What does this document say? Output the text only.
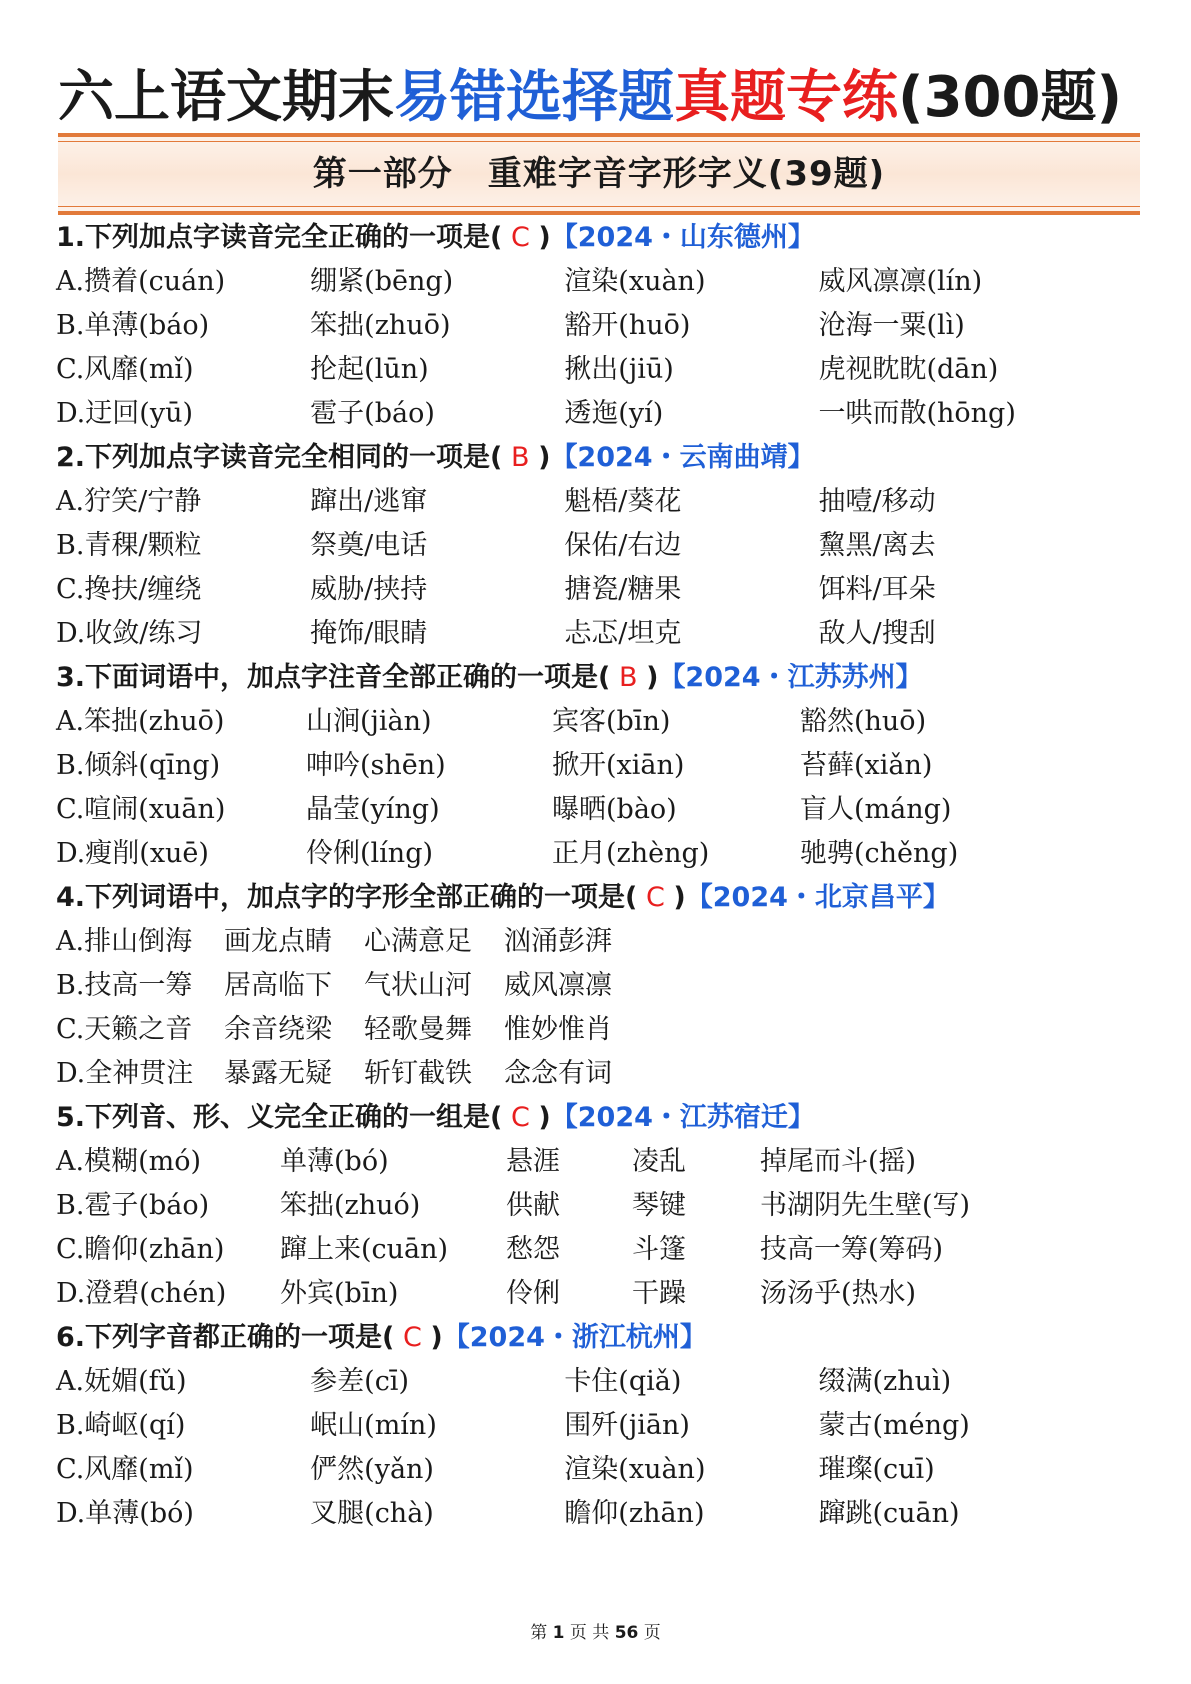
六上语文期末易错选择题真题专练(300题)
第一部分　重难字音字形字义(39题)
1.下列加点字读音完全正确的一项是( C )【2024・山东德州】
A.攒着(cuán)	绷紧(bēng)	渲染(xuàn)	威风凛凛(lín)
B.单薄(báo)	笨拙(zhuō)	豁开(huō)	沧海一粟(lì)
C.风靡(mǐ)	抡起(lūn)	揪出(jiū)	虎视眈眈(dān)
D.迂回(yū)	雹子(báo)	透迤(yí)	一哄而散(hōng)
2.下列加点字读音完全相同的一项是( B )【2024・云南曲靖】
A.狞笑/宁静	蹿出/逃窜	魁梧/葵花	抽噎/移动
B.青稞/颗粒	祭奠/电话	保佑/右边	黧黑/离去
C.搀扶/缠绕	威胁/挟持	搪瓷/糖果	饵料/耳朵
D.收敛/练习	掩饰/眼睛	忐忑/坦克	敌人/搜刮
3.下面词语中，加点字注音全部正确的一项是( B )【2024・江苏苏州】
A.笨拙(zhuō)	山涧(jiàn)	宾客(bīn)	豁然(huō)
B.倾斜(qīng)	呻吟(shēn)	掀开(xiān)	苔藓(xiǎn)
C.喧闹(xuān)	晶莹(yíng)	曝晒(bào)	盲人(máng)
D.瘦削(xuē)	伶俐(líng)	正月(zhèng)	驰骋(chěng)
4.下列词语中，加点字的字形全部正确的一项是( C )【2024・北京昌平】
A.排山倒海	画龙点睛	心满意足	汹涌彭湃
B.技高一筹	居高临下	气状山河	威风凛凛
C.天籁之音	余音绕梁	轻歌曼舞	惟妙惟肖
D.全神贯注	暴露无疑	斩钉截铁	念念有词
5.下列音、形、义完全正确的一组是( C )【2024・江苏宿迁】
A.模糊(mó)	单薄(bó)	悬涯	凌乱	掉尾而斗(摇)
B.雹子(báo)	笨拙(zhuó)	供献	琴键	书湖阴先生壁(写)
C.瞻仰(zhān)	蹿上来(cuān)	愁怨	斗篷	技高一筹(筹码)
D.澄碧(chén)	外宾(bīn)	伶俐	干躁	汤汤乎(热水)
6.下列字音都正确的一项是( C )【2024・浙江杭州】
A.妩媚(fǔ)	参差(cī)	卡住(qiǎ)	缀满(zhuì)
B.崎岖(qí)	岷山(mín)	围歼(jiān)	蒙古(méng)
C.风靡(mǐ)	俨然(yǎn)	渲染(xuàn)	璀璨(cuī)
D.单薄(bó)	叉腿(chà)	瞻仰(zhān)	蹿跳(cuān)
第 1 页 共 56 页
